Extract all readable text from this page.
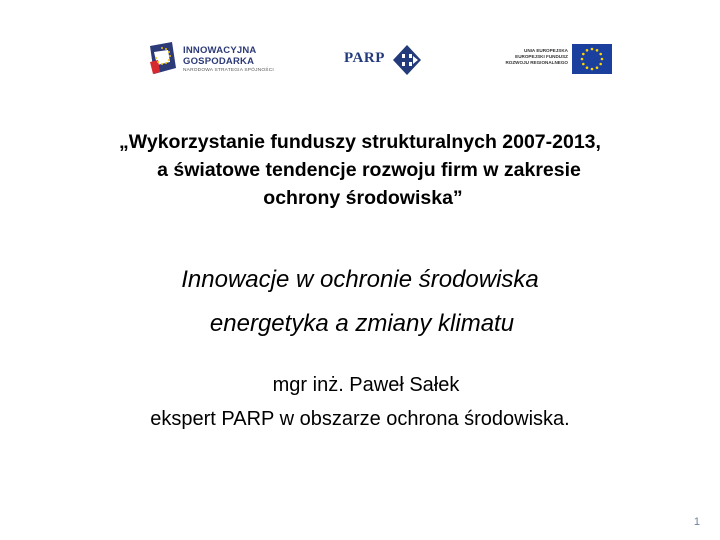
INNOWACYJNA
GOSPODARKA
NARODOWA STRATEGIA SPÓJNOŚCI
PARP	UNIA EUROPEJSKA
EUROPEJSKI FUNDUSZ
ROZWOJU REGIONALNEGO
„Wykorzystanie funduszy strukturalnych 2007-2013,
a światowe tendencje rozwoju firm w zakresie
ochrony środowiska”
Innowacje w ochronie środowiska
energetyka a zmiany klimatu
mgr inż. Paweł Sałek
ekspert PARP w obszarze ochrona środowiska.
1
